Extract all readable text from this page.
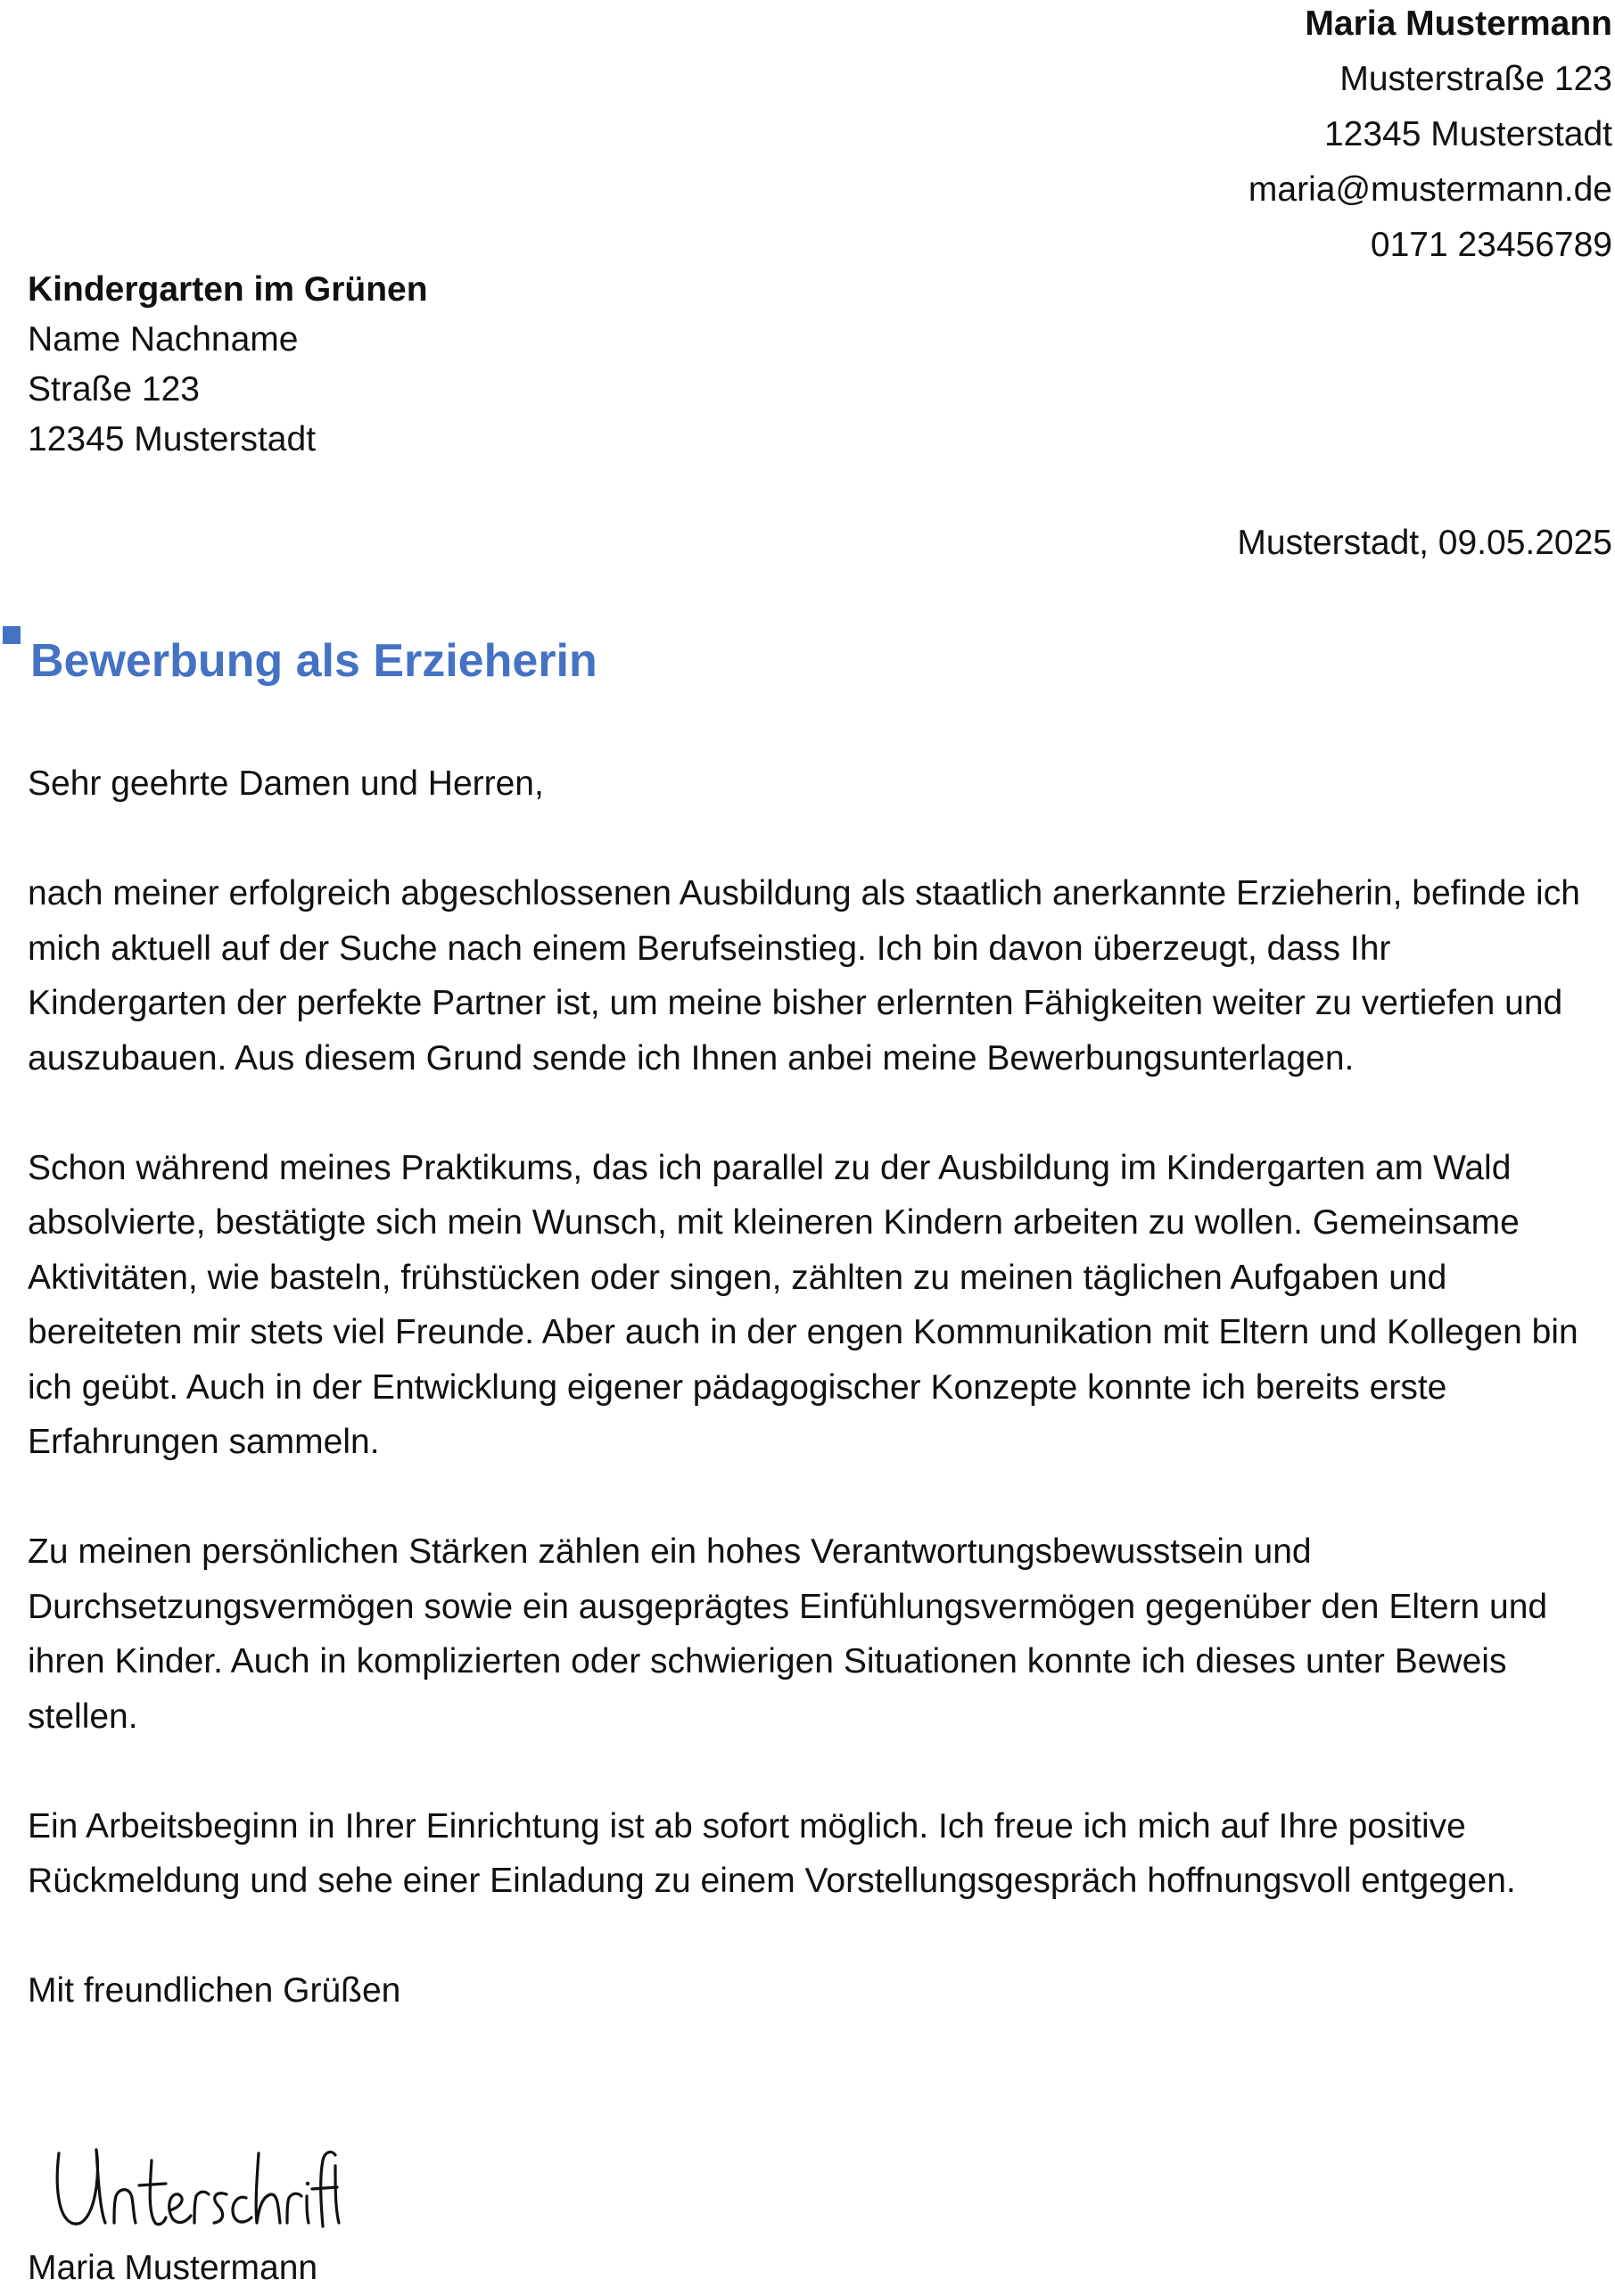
Maria Mustermann
Musterstraße 123
12345 Musterstadt
maria@mustermann.de
0171 23456789
Kindergarten im Grünen
Name Nachname
Straße 123
12345 Musterstadt
Musterstadt, 09.05.2025
Bewerbung als Erzieherin

Sehr geehrte Damen und Herren,

nach meiner erfolgreich abgeschlossenen Ausbildung als staatlich anerkannte Erzieherin, befinde ich mich aktuell auf der Suche nach einem Berufseinstieg. Ich bin davon überzeugt, dass Ihr Kindergarten der perfekte Partner ist, um meine bisher erlernten Fähigkeiten weiter zu vertiefen und auszubauen. Aus diesem Grund sende ich Ihnen anbei meine Bewerbungsunterlagen.

Schon während meines Praktikums, das ich parallel zu der Ausbildung im Kindergarten am Wald absolvierte, bestätigte sich mein Wunsch, mit kleineren Kindern arbeiten zu wollen. Gemeinsame Aktivitäten, wie basteln, frühstücken oder singen, zählten zu meinen täglichen Aufgaben und bereiteten mir stets viel Freunde. Aber auch in der engen Kommunikation mit Eltern und Kollegen bin ich geübt. Auch in der Entwicklung eigener pädagogischer Konzepte konnte ich bereits erste Erfahrungen sammeln.

Zu meinen persönlichen Stärken zählen ein hohes Verantwortungsbewusstsein und Durchsetzungsvermögen sowie ein ausgeprägtes Einfühlungsvermögen gegenüber den Eltern und ihren Kinder. Auch in komplizierten oder schwierigen Situationen konnte ich dieses unter Beweis stellen.

Ein Arbeitsbeginn in Ihrer Einrichtung ist ab sofort möglich. Ich freue ich mich auf Ihre positive Rückmeldung und sehe einer Einladung zu einem Vorstellungsgespräch hoffnungsvoll entgegen.

Mit freundlichen Grüßen

Maria Mustermann
